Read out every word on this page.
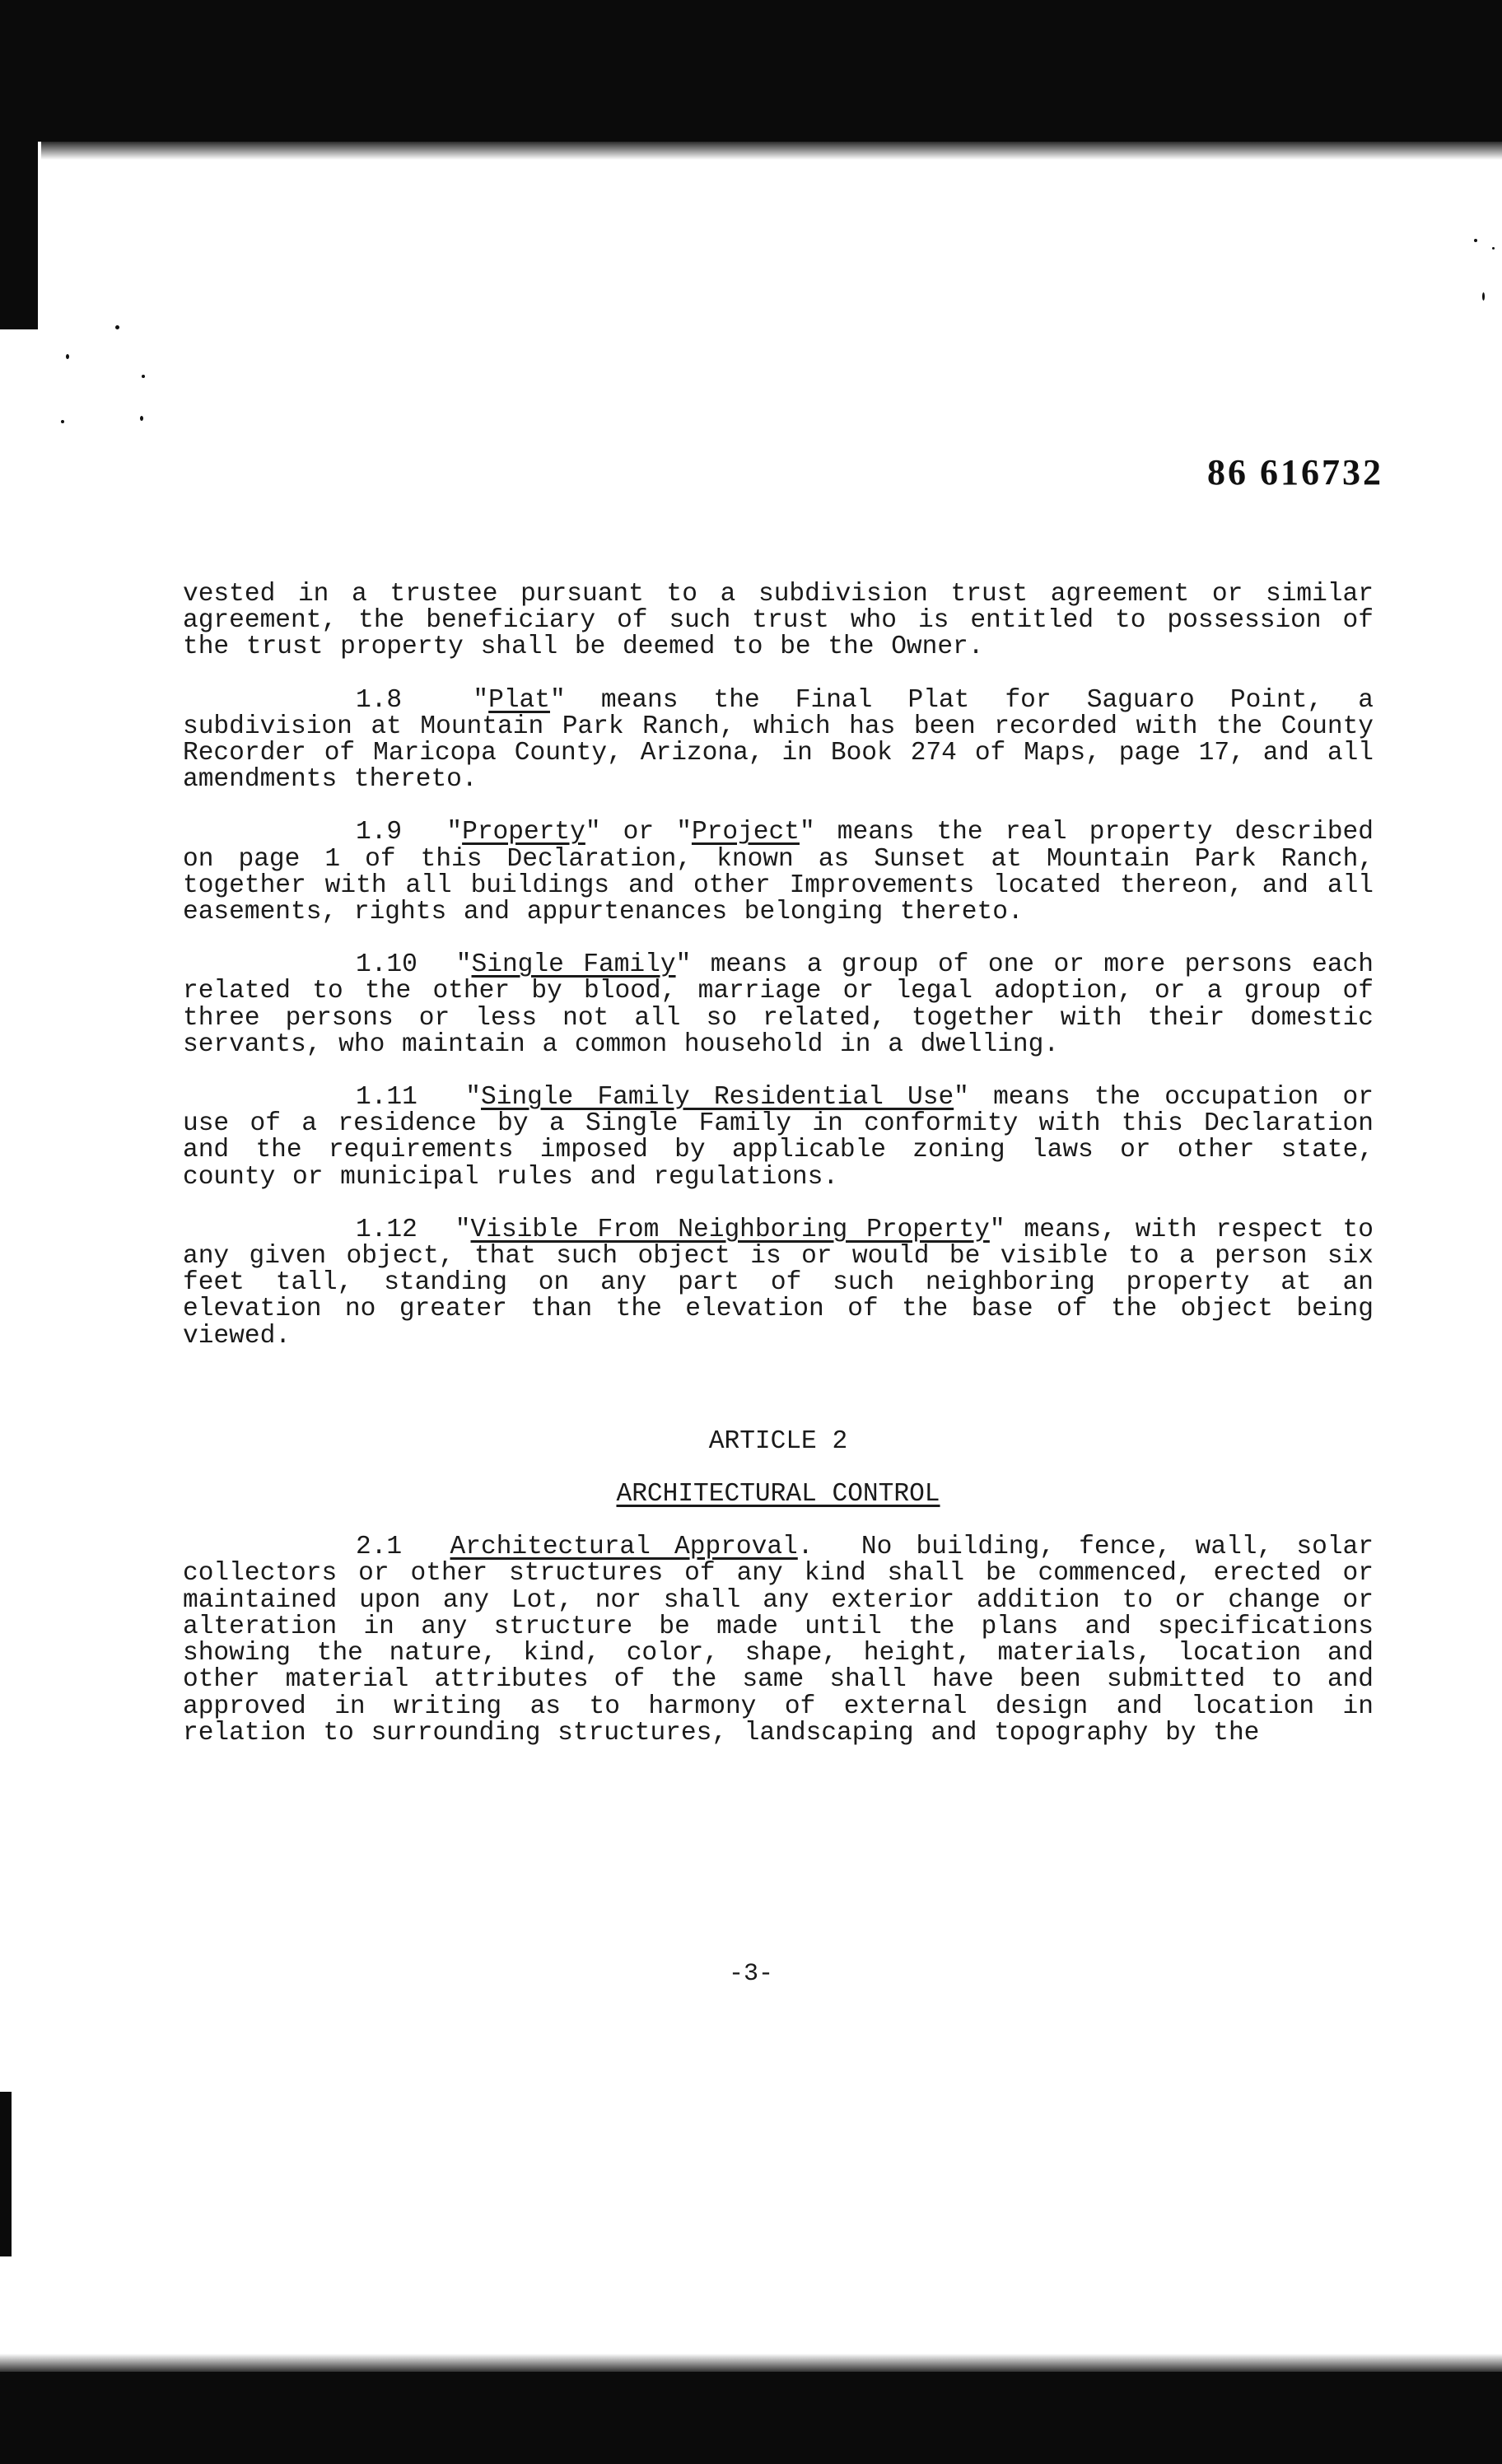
86 616732

vested in a trustee pursuant to a subdivision trust agreement or similar agreement, the beneficiary of such trust who is entitled to possession of the trust property shall be deemed to be the Owner.

1.8  "Plat" means the Final Plat for Saguaro Point, a subdivision at Mountain Park Ranch, which has been recorded with the County Recorder of Maricopa County, Arizona, in Book 274 of Maps, page 17, and all amendments thereto.

1.9  "Property" or "Project" means the real property described on page 1 of this Declaration, known as Sunset at Mountain Park Ranch, together with all buildings and other Improvements located thereon, and all easements, rights and appurtenances belonging thereto.

1.10  "Single Family" means a group of one or more persons each related to the other by blood, marriage or legal adoption, or a group of three persons or less not all so related, together with their domestic servants, who maintain a common household in a dwelling.

1.11  "Single Family Residential Use" means the occupation or use of a residence by a Single Family in conformity with this Declaration and the requirements imposed by applicable zoning laws or other state, county or municipal rules and regulations.

1.12  "Visible From Neighboring Property" means, with respect to any given object, that such object is or would be visible to a person six feet tall, standing on any part of such neighboring property at an elevation no greater than the elevation of the base of the object being viewed.

ARTICLE 2

ARCHITECTURAL CONTROL

2.1 Architectural Approval.  No building, fence, wall, solar collectors or other structures of any kind shall be commenced, erected or maintained upon any Lot, nor shall any exterior addition to or change or alteration in any structure be made until the plans and specifications showing the nature, kind, color, shape, height, materials, location and other material attributes of the same shall have been submitted to and approved in writing as to harmony of external design and location in relation to surrounding structures, landscaping and topography by the

-3-
